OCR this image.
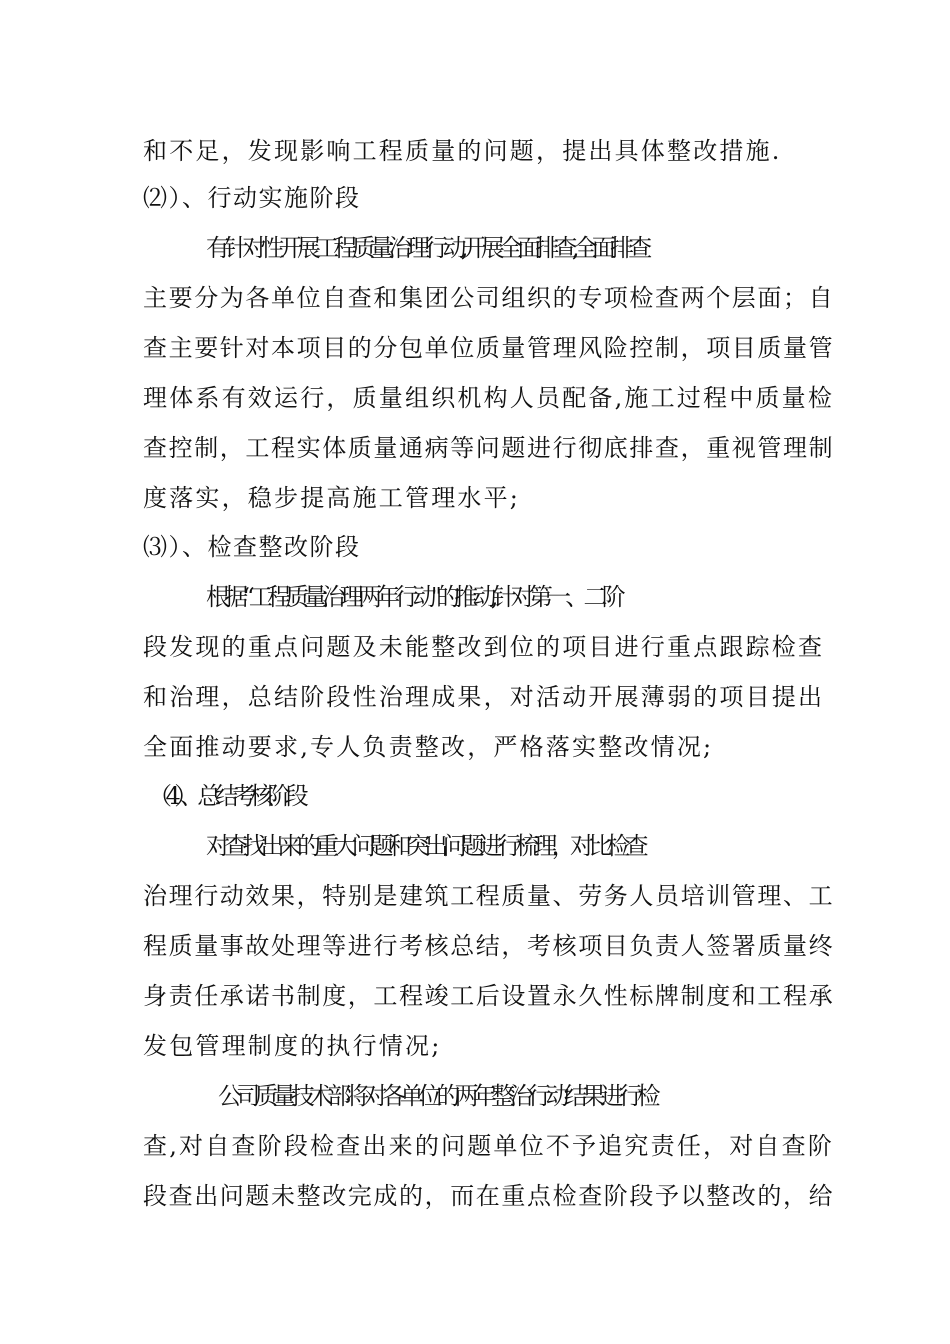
和不足，发现影响工程质量的问题，提出具体整改措施.
⑵）、行动实施阶段
有针对性开展工程质量治理行动,开展全面排查,全面排查
主要分为各单位自查和集团公司组织的专项检查两个层面；自
查主要针对本项目的分包单位质量管理风险控制，项目质量管
理体系有效运行，质量组织机构人员配备,施工过程中质量检
查控制，工程实体质量通病等问题进行彻底排查，重视管理制
度落实，稳步提高施工管理水平;
⑶）、检查整改阶段
根据“工程质量治理两年行动"的推动,针对第一、二阶
段发现的重点问题及未能整改到位的项目进行重点跟踪检查
和治理，总结阶段性治理成果，对活动开展薄弱的项目提出
全面推动要求,专人负责整改，严格落实整改情况;
（4）、总结考核阶段
对查找出来的重大问题和突出问题进行梳理，对比检查
治理行动效果，特别是建筑工程质量、劳务人员培训管理、工
程质量事故处理等进行考核总结，考核项目负责人签署质量终
身责任承诺书制度，工程竣工后设置永久性标牌制度和工程承
发包管理制度的执行情况;
公司质量技术部将对各单位的两年整治行动结果进行检
查,对自查阶段检查出来的问题单位不予追究责任，对自查阶
段查出问题未整改完成的，而在重点检查阶段予以整改的，给
